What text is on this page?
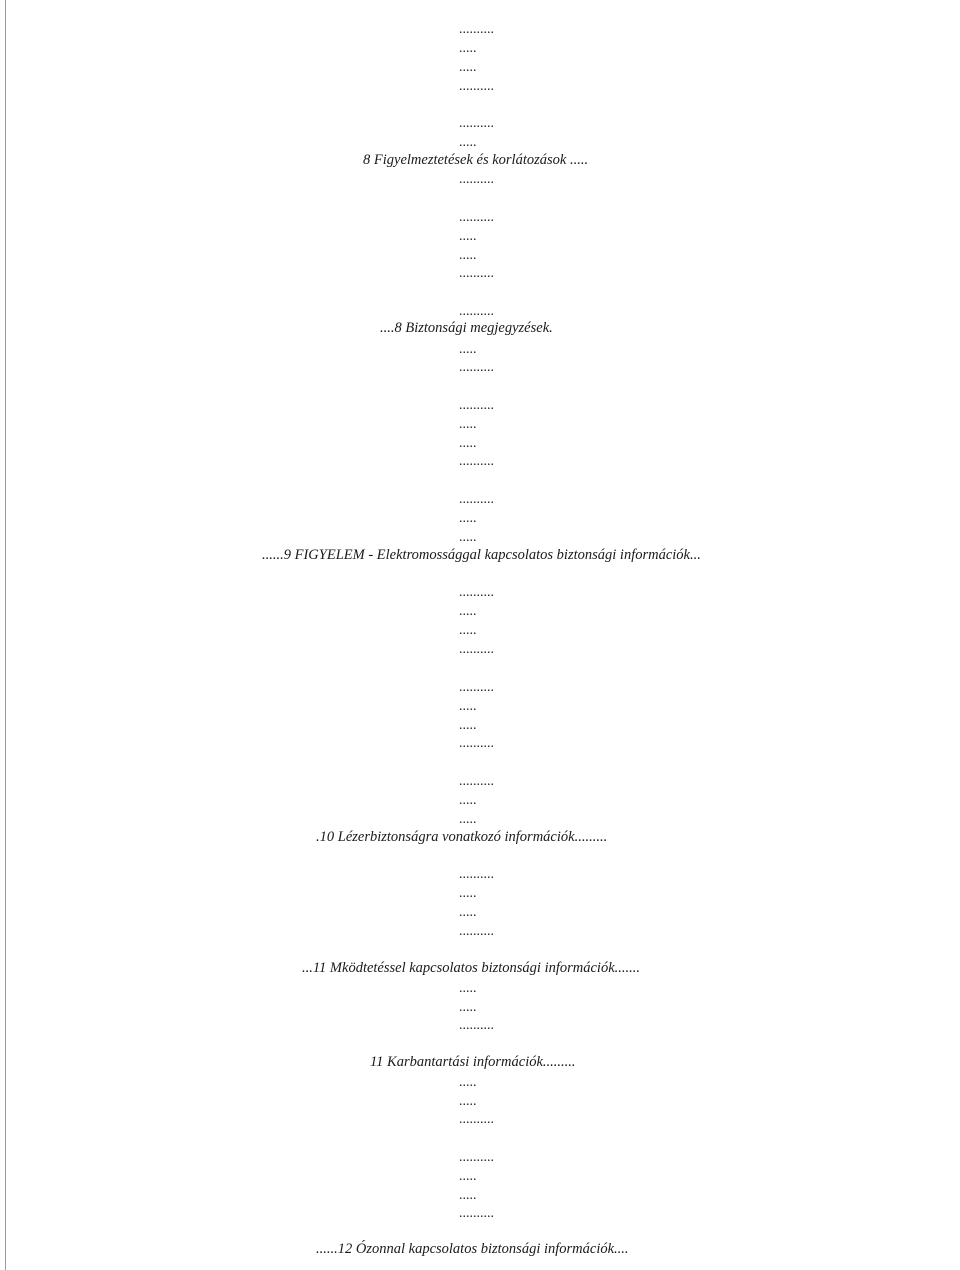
..........
.....
.....
..........
..........
.....
8 Figyelmeztetések és korlátozások .....
..........
..........
.....
.....
..........
..........
....8 Biztonsági megjegyzések.
.....
..........
..........
.....
.....
..........
..........
.....
.....
......9 FIGYELEM - Elektromossággal kapcsolatos biztonsági információk...
..........
.....
.....
..........
..........
.....
.....
..........
..........
.....
.....
.10 Lézerbiztonságra vonatkozó információk.........
..........
.....
.....
..........
...11 Mködtetéssel kapcsolatos biztonsági információk.......
.....
.....
..........
11 Karbantartási információk.........
.....
.....
..........
..........
.....
.....
..........
......12 Ózonnal kapcsolatos biztonsági információk....
